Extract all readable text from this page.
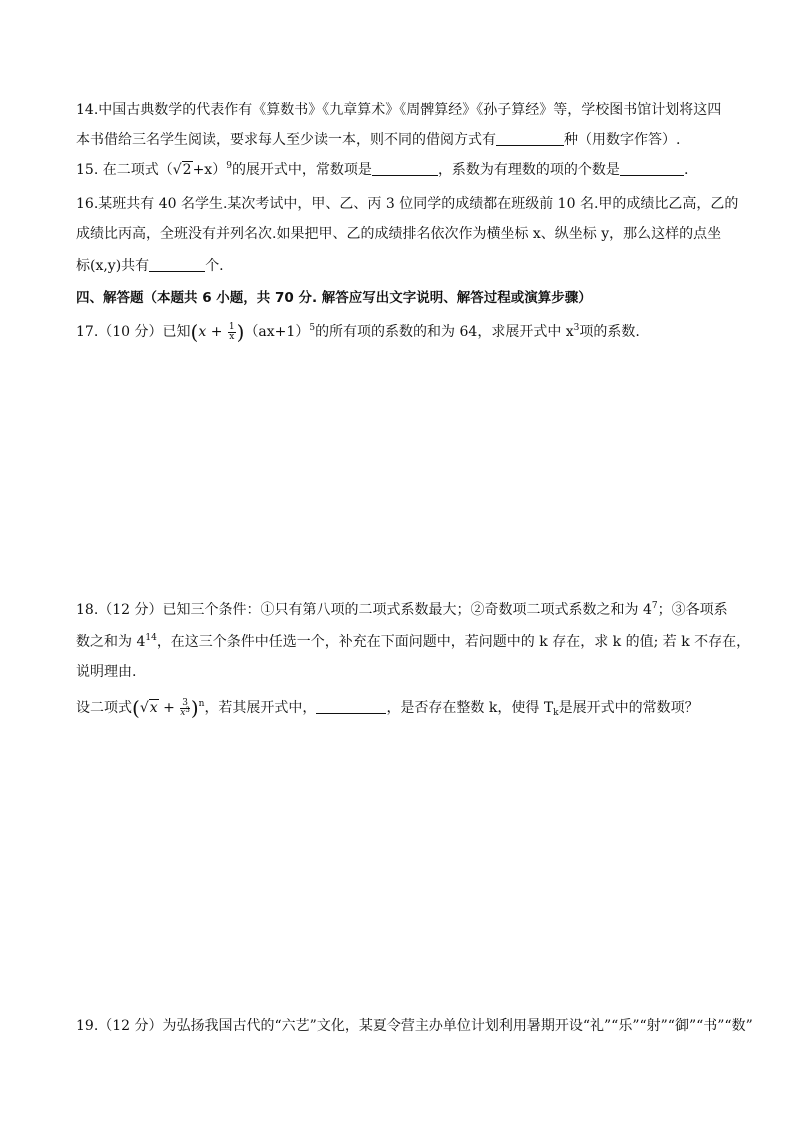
14.中国古典数学的代表作有《算数书》《九章算术》《周髀算经》《孙子算经》等，学校图书馆计划将这四
本书借给三名学生阅读，要求每人至少读一本，则不同的借阅方式有	种（用数字作答）.
15. 在二项式$(√2+x)^9$的展开式中，常数项是	，系数为有理数的项的个数是	.
16.某班共有 40 名学生.某次考试中，甲、乙、丙 3 位同学的成绩都在班级前 10 名.甲的成绩比乙高，乙的
成绩比丙高，全班没有并列名次.如果把甲、乙的成绩排名依次作为横坐标 x、纵坐标 y，那么这样的点坐
标(x,y)共有	个.
四、解答题（本题共 6 小题，共 70 分. 解答应写出文字说明、解答过程或演算步骤）
17.（10 分）已知$(x + \frac{1}{x} )(ax+1)^5$的所有项的系数的和为 64，求展开式中 $x^3$项的系数.
18.（12 分）已知三个条件：①只有第八项的二项式系数最大；②奇数项二项式系数之和为 $4^7$；③各项系
数之和为 $4^{14}$，在这三个条件中任选一个，补充在下面问题中，若问题中的 k 存在，求 k 的值; 若 k 不存在，
说明理由.
设二项式$(√x + \frac{3}{x^3} )^n$，若其展开式中，	，是否存在整数 k，使得 $T_k$是展开式中的常数项？
19.（12 分）为弘扬我国古代的“六艺”文化，某夏令营主办单位计划利用暑期开设“礼”“乐”“射”“御”“书”“数”
